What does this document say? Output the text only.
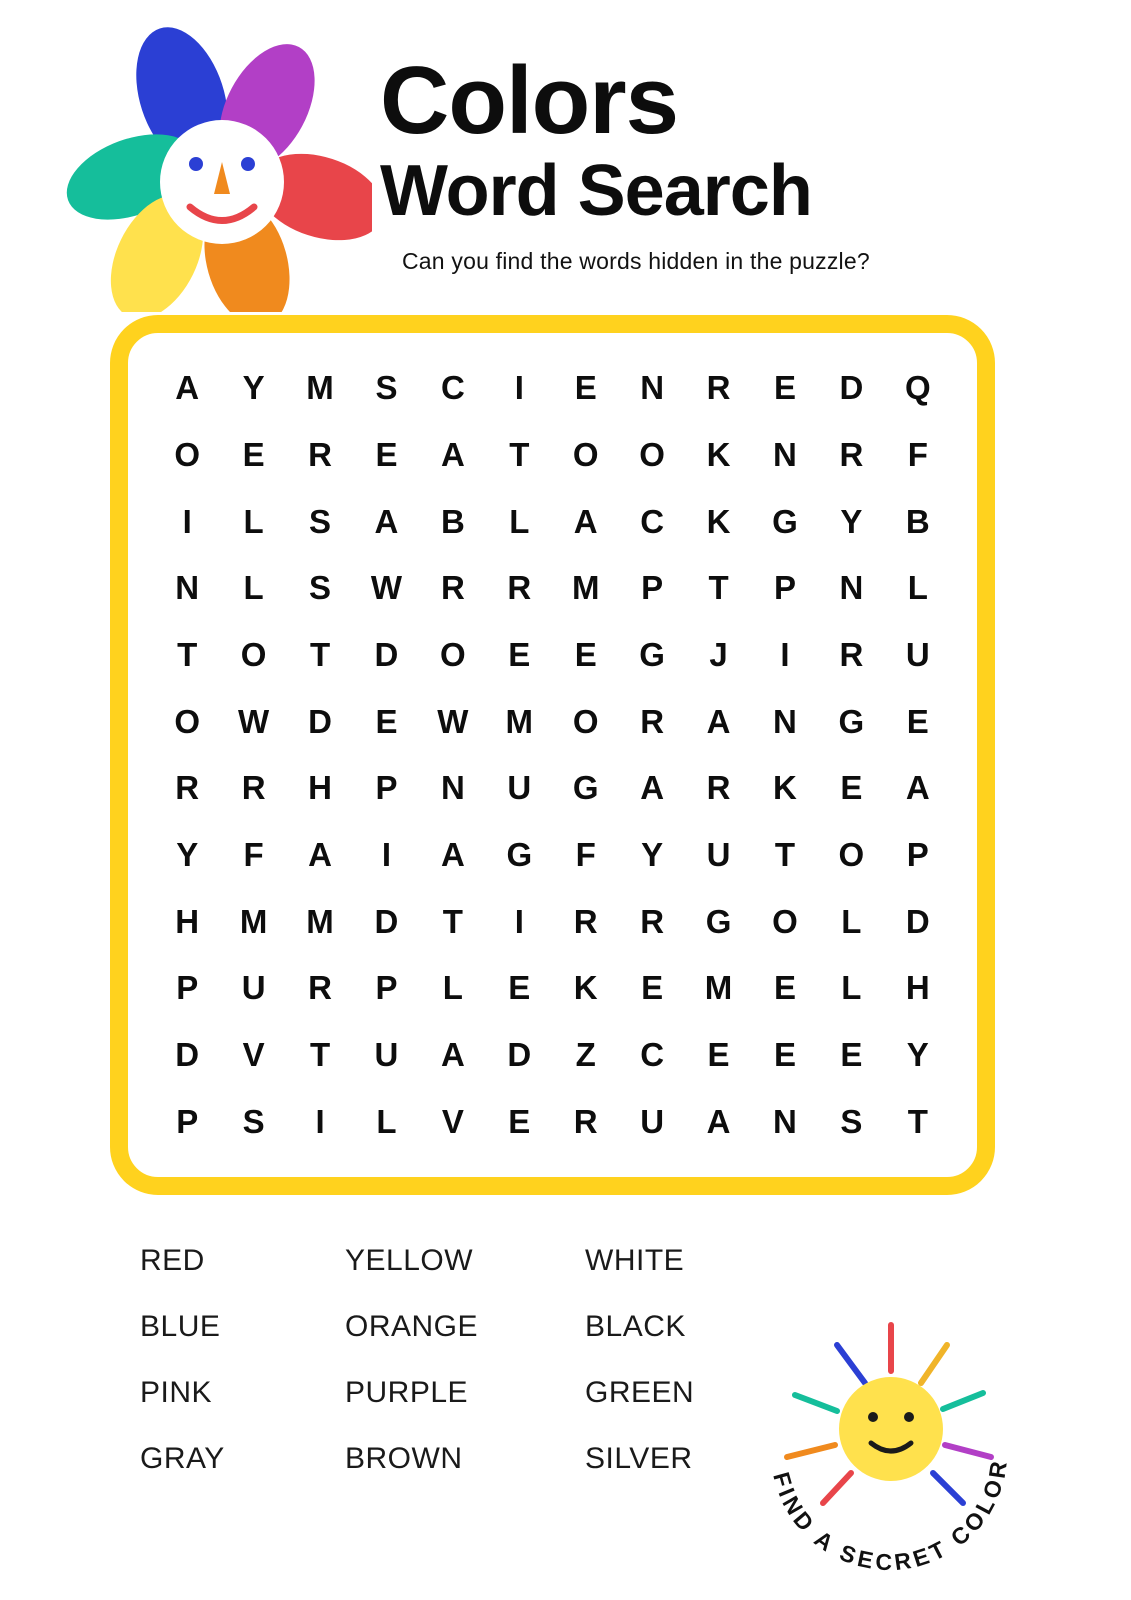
Colors
Word Search

Can you find the words hidden in the puzzle?

A	Y	M	S	C	I	E	N	R	E	D	Q
O	E	R	E	A	T	O	O	K	N	R	F
I	L	S	A	B	L	A	C	K	G	Y	B
N	L	S	W	R	R	M	P	T	P	N	L
T	O	T	D	O	E	E	G	J	I	R	U
O	W	D	E	W	M	O	R	A	N	G	E
R	R	H	P	N	U	G	A	R	K	E	A
Y	F	A	I	A	G	F	Y	U	T	O	P
H	M	M	D	T	I	R	R	G	O	L	D
P	U	R	P	L	E	K	E	M	E	L	H
D	V	T	U	A	D	Z	C	E	E	E	Y
P	S	I	L	V	E	R	U	A	N	S	T
RED	YELLOW	WHITE
BLUE	ORANGE	BLACK
PINK	PURPLE	GREEN
GRAY	BROWN	SILVER
FIND A SECRET COLOR
